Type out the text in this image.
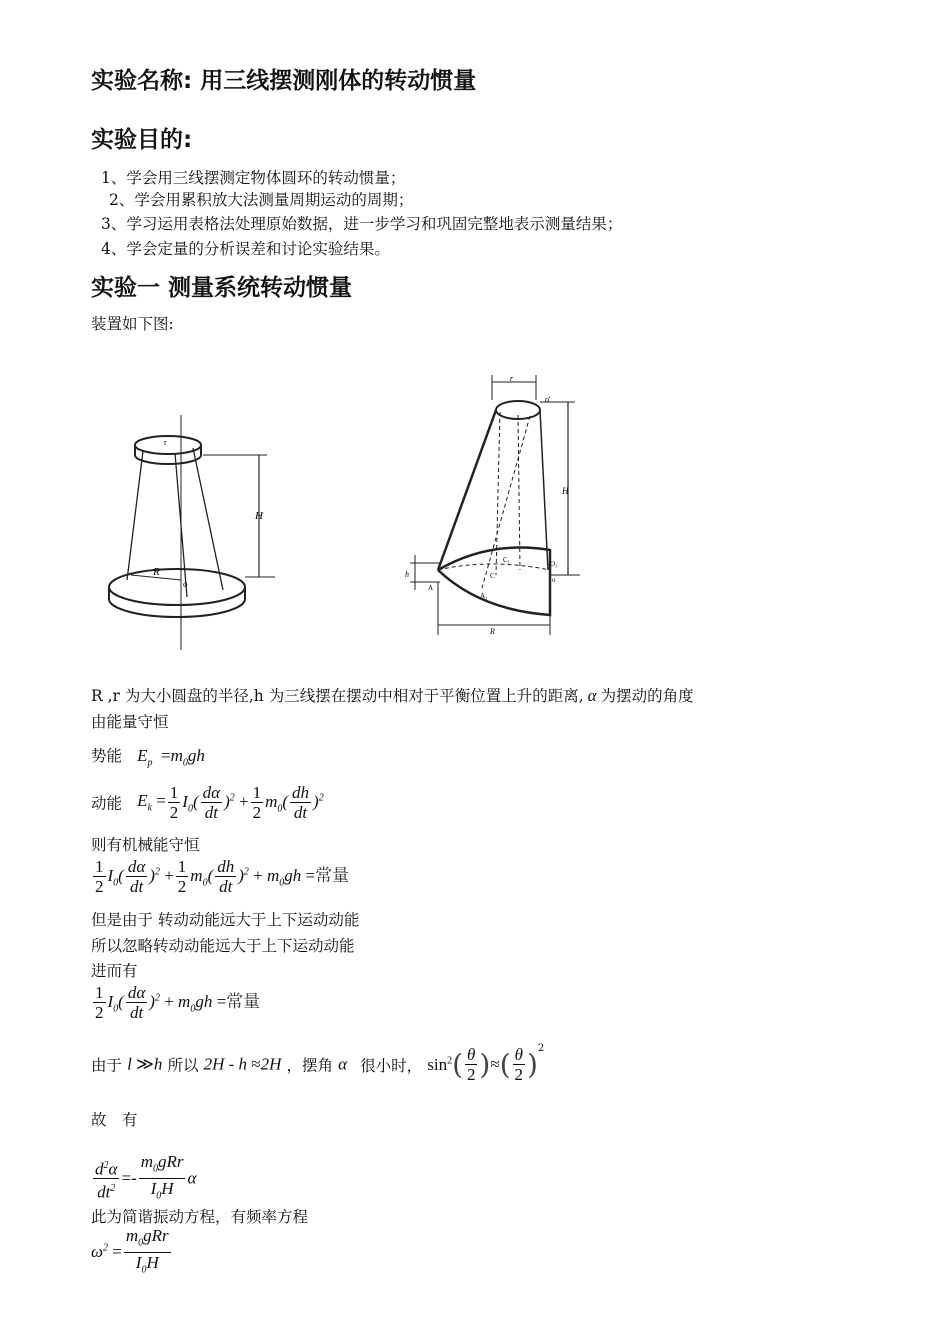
实验名称: 用三线摆测刚体的转动惯量
实验目的:
1、学会用三线摆测定物体圆环的转动惯量；
2、学会用累积放大法测量周期运动的周期；
3、学习运用表格法处理原始数据，进一步学习和巩固完整地表示测量结果；
4、学会定量的分析误差和讨论实验结果。
实验一 测量系统转动惯量
装置如下图:
H
R
o
r
o'
r
H
h
R
O₁
C₁
C	o
A
A₁
R ,r 为大小圆盘的半径,h 为三线摆在摆动中相对于平衡位置上升的距离, α 为摆动的角度
由能量守恒
势能 $E_p =m_0gh$
动能 $E_k = \frac{1}{2} I_0( \frac{d\alpha}{dt} )^2 + \frac{1}{2} m_0( \frac{dh}{dt} )^2$
则有机械能守恒
$\frac{1}{2} I_0( \frac{d\alpha}{dt} )^2 + \frac{1}{2} m_0( \frac{dh}{dt} )^2 + m_0gh$ =常量
但是由于 转动动能远大于上下运动动能
所以忽略转动动能远大于上下运动动能
进而有
$\frac{1}{2} I_0( \frac{d\alpha}{dt} )^2 + m_0gh$ =常量
由于 l ≫h 所以 2H - h ≈2H ，摆角 α 很小时， $\sin^2( \frac{\theta}{2}$ )≈( $\frac{\theta}{2} )^2$
故　有
$\frac{d^2\alpha}{dt^2} =- \frac{m_0gRr}{I_0H}$ α
此为简谐振动方程，有频率方程
$\omega^2 = \frac{m_0gRr}{I_0H}$
